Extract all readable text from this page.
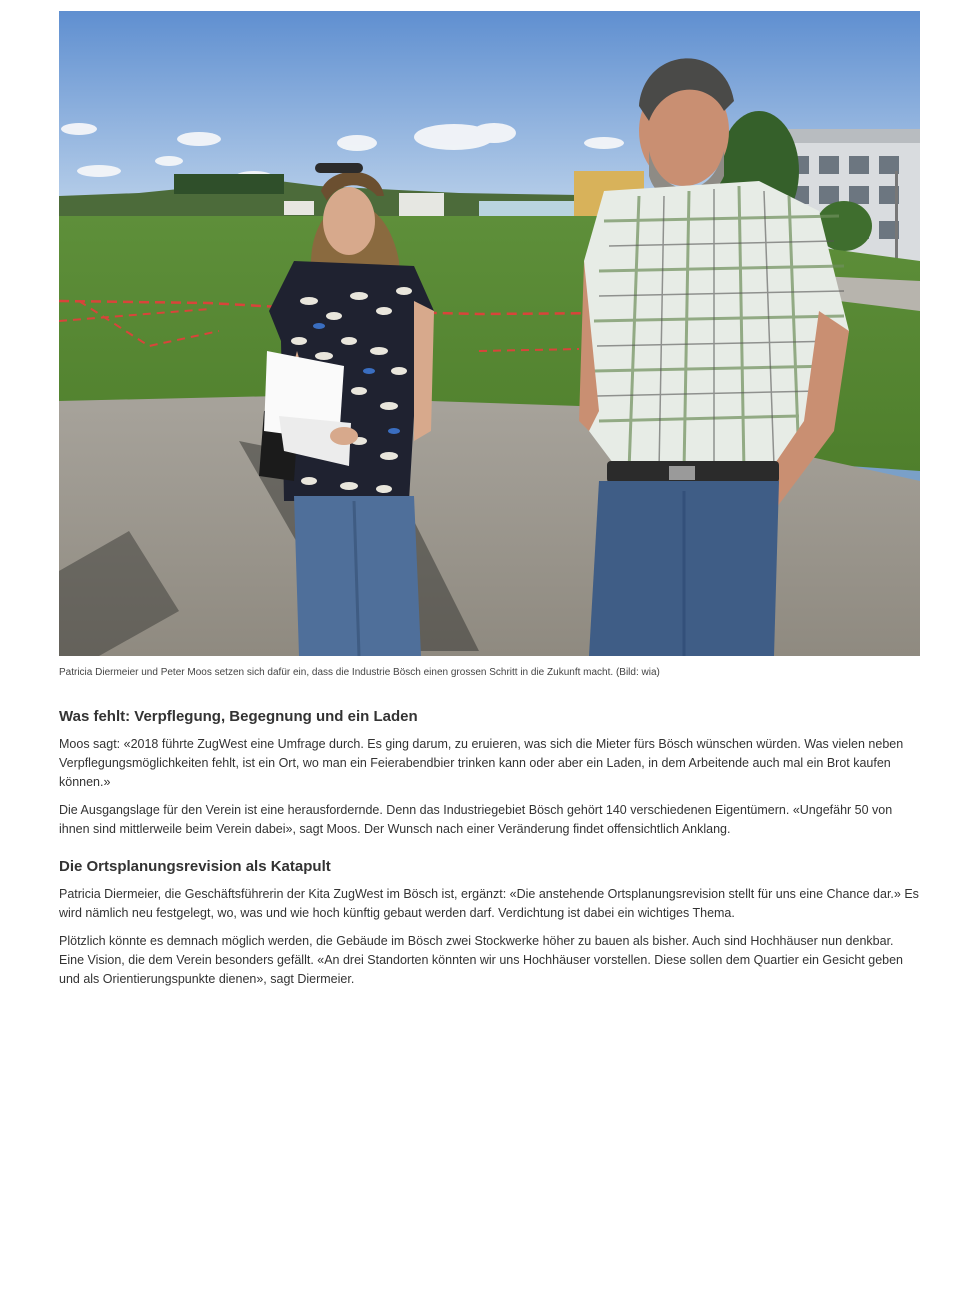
Patricia Diermeier und Peter Moos setzen sich dafür ein, dass die Industrie Bösch einen grossen Schritt in die Zukunft macht. (Bild: wia)
Was fehlt: Verpflegung, Begegnung und ein Laden

Moos sagt: «2018 führte ZugWest eine Umfrage durch. Es ging darum, zu eruieren, was sich die Mieter fürs Bösch wünschen würden. Was vielen neben Verpflegungsmöglichkeiten fehlt, ist ein Ort, wo man ein Feierabendbier trinken kann oder aber ein Laden, in dem Arbeitende auch mal ein Brot kaufen können.»

Die Ausgangslage für den Verein ist eine herausfordernde. Denn das Industriegebiet Bösch gehört 140 verschiedenen Eigentümern. «Ungefähr 50 von ihnen sind mittlerweile beim Verein dabei», sagt Moos. Der Wunsch nach einer Veränderung findet offensichtlich Anklang.

Die Ortsplanungsrevision als Katapult

Patricia Diermeier, die Geschäftsführerin der Kita ZugWest im Bösch ist, ergänzt: «Die anstehende Ortsplanungsrevision stellt für uns eine Chance dar.» Es wird nämlich neu festgelegt, wo, was und wie hoch künftig gebaut werden darf. Verdichtung ist dabei ein wichtiges Thema.

Plötzlich könnte es demnach möglich werden, die Gebäude im Bösch zwei Stockwerke höher zu bauen als bisher. Auch sind Hochhäuser nun denkbar. Eine Vision, die dem Verein besonders gefällt. «An drei Standorten könnten wir uns Hochhäuser vorstellen. Diese sollen dem Quartier ein Gesicht geben und als Orientierungspunkte dienen», sagt Diermeier.
